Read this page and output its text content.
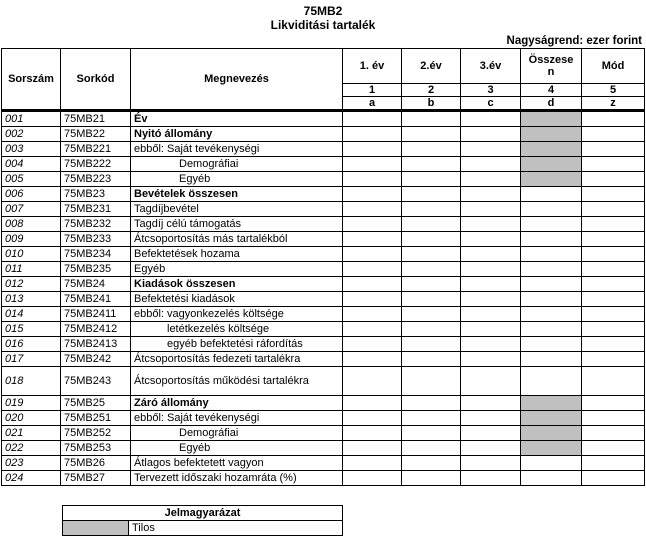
75MB2
Likviditási tartalék
Nagyságrend: ezer forint
Sorszám	Sorkód	Megnevezés	1. év	2.év	3.év	Összese n	Mód
			1	2	3	4	5
			a	b	c	d	z
001	75MB21	Év					
002	75MB22	Nyitó állomány					
003	75MB221	ebből: Saját tevékenységi					
004	75MB222	Demográfiai					
005	75MB223	Egyéb					
006	75MB23	Bevételek összesen					
007	75MB231	Tagdíjbevétel					
008	75MB232	Tagdíj célú támogatás					
009	75MB233	Átcsoportosítás más tartalékból					
010	75MB234	Befektetések hozama					
011	75MB235	Egyéb					
012	75MB24	Kiadások összesen					
013	75MB241	Befektetési kiadások					
014	75MB2411	ebből: vagyonkezelés költsége					
015	75MB2412	letétkezelés költsége					
016	75MB2413	egyéb befektetési ráfordítás					
017	75MB242	Átcsoportosítás fedezeti tartalékra					
018	75MB243	Átcsoportosítás működési tartalékra					
019	75MB25	Záró állomány					
020	75MB251	ebből: Saját tevékenységi					
021	75MB252	Demográfiai					
022	75MB253	Egyéb					
023	75MB26	Átlagos befektetett vagyon					
024	75MB27	Tervezett időszaki hozamráta (%)					
Jelmagyarázat
	Tilos
